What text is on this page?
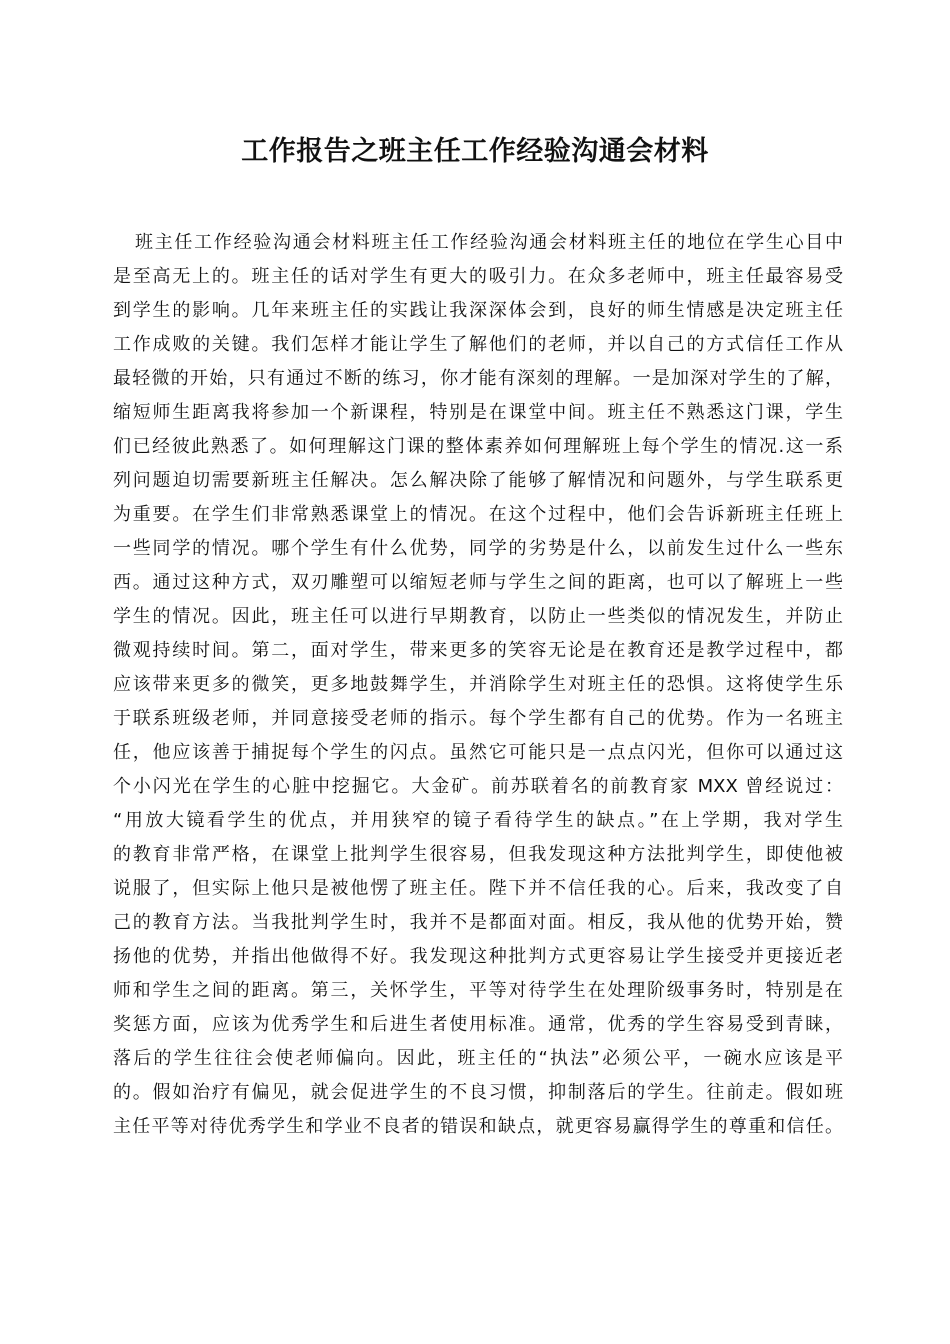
工作报告之班主任工作经验沟通会材料
班主任工作经验沟通会材料班主任工作经验沟通会材料班主任的地位在学生心目中
是至高无上的。班主任的话对学生有更大的吸引力。在众多老师中，班主任最容易受
到学生的影响。几年来班主任的实践让我深深体会到，良好的师生情感是决定班主任
工作成败的关键。我们怎样才能让学生了解他们的老师，并以自己的方式信任工作从
最轻微的开始，只有通过不断的练习，你才能有深刻的理解。一是加深对学生的了解，
缩短师生距离我将参加一个新课程，特别是在课堂中间。班主任不熟悉这门课，学生
们已经彼此熟悉了。如何理解这门课的整体素养如何理解班上每个学生的情况.这一系
列问题迫切需要新班主任解决。怎么解决除了能够了解情况和问题外，与学生联系更
为重要。在学生们非常熟悉课堂上的情况。在这个过程中，他们会告诉新班主任班上
一些同学的情况。哪个学生有什么优势，同学的劣势是什么，以前发生过什么一些东
西。通过这种方式，双刃雕塑可以缩短老师与学生之间的距离，也可以了解班上一些
学生的情况。因此，班主任可以进行早期教育，以防止一些类似的情况发生，并防止
微观持续时间。第二，面对学生，带来更多的笑容无论是在教育还是教学过程中，都
应该带来更多的微笑，更多地鼓舞学生，并消除学生对班主任的恐惧。这将使学生乐
于联系班级老师，并同意接受老师的指示。每个学生都有自己的优势。作为一名班主
任，他应该善于捕捉每个学生的闪点。虽然它可能只是一点点闪光，但你可以通过这
个小闪光在学生的心脏中挖掘它。大金矿。前苏联着名的前教育家 MXX 曾经说过：
“用放大镜看学生的优点，并用狭窄的镜子看待学生的缺点。”在上学期，我对学生
的教育非常严格，在课堂上批判学生很容易，但我发现这种方法批判学生，即使他被
说服了，但实际上他只是被他愣了班主任。陛下并不信任我的心。后来，我改变了自
己的教育方法。当我批判学生时，我并不是都面对面。相反，我从他的优势开始，赞
扬他的优势，并指出他做得不好。我发现这种批判方式更容易让学生接受并更接近老
师和学生之间的距离。第三，关怀学生，平等对待学生在处理阶级事务时，特别是在
奖惩方面，应该为优秀学生和后进生者使用标准。通常，优秀的学生容易受到青睐，
落后的学生往往会使老师偏向。因此，班主任的“执法”必须公平，一碗水应该是平
的。假如治疗有偏见，就会促进学生的不良习惯，抑制落后的学生。往前走。假如班
主任平等对待优秀学生和学业不良者的错误和缺点，就更容易赢得学生的尊重和信任。
